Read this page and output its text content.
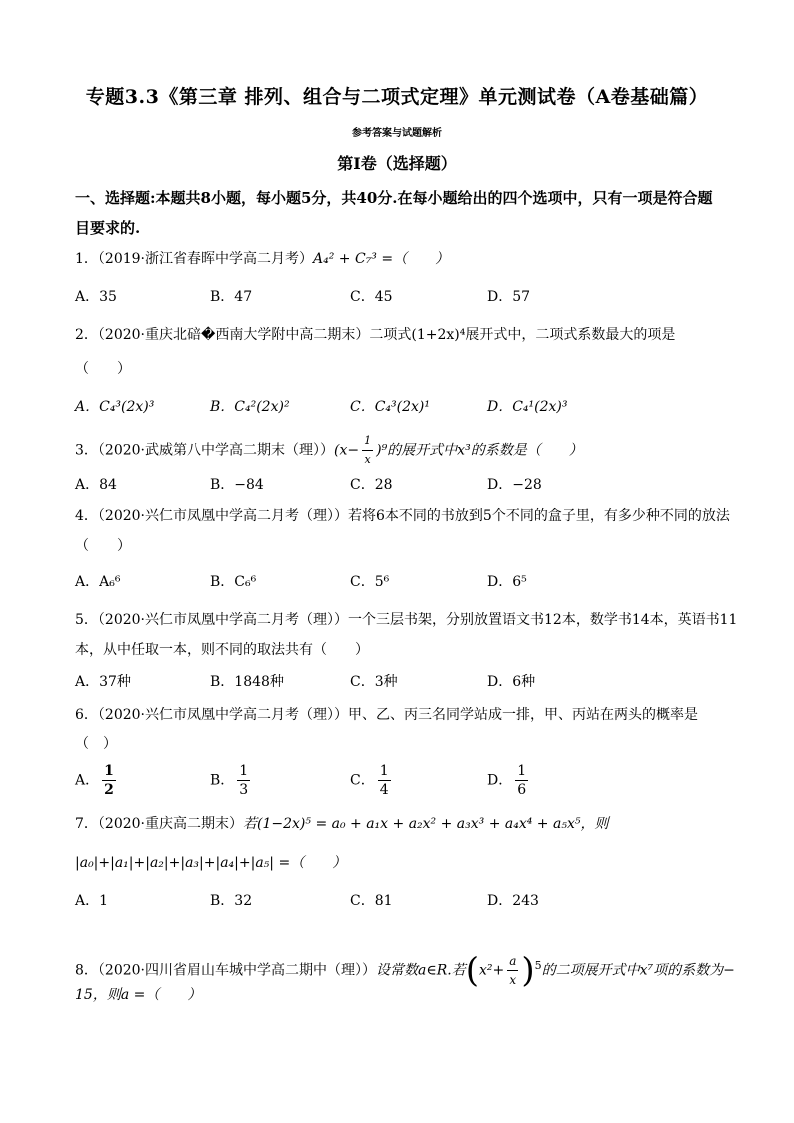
专题3.3《第三章 排列、组合与二项式定理》单元测试卷（A卷基础篇）
参考答案与试题解析
第Ⅰ卷（选择题）
一、选择题:本题共8小题，每小题5分，共40分.在每小题给出的四个选项中，只有一项是符合题目要求的.
1．（2019·浙江省春晖中学高二月考）A₄² + C₇³ =（　　）
A．35	B．47	C．45	D．57
2．（2020·重庆北碚�西南大学附中高二期末）二项式(1+2x)⁴展开式中，二项式系数最大的项是
（　　）
A．C₄³(2x)³	B．C₄²(2x)²	C．C₄³(2x)¹	D．C₄¹(2x)³
3．（2020·武威第八中学高二期末（理））$(x- \frac{1}{x} )^9$的展开式中x³的系数是（　　）
A．84	B．−84	C．28	D．−28
4．（2020·兴仁市凤凰中学高二月考（理））若将6本不同的书放到5个不同的盒子里，有多少种不同的放法
（　　）
A．A₆⁶	B．C₆⁶	C．5⁶	D．6⁵
5．（2020·兴仁市凤凰中学高二月考（理））一个三层书架，分别放置语文书12本，数学书14本，英语书11
本，从中任取一本，则不同的取法共有（　　）
A．37种	B．1848种	C．3种	D．6种
6．（2020·兴仁市凤凰中学高二月考（理））甲、乙、丙三名同学站成一排，甲、丙站在两头的概率是
（　）
A． $\frac{1}{2}$	B． $\frac{1}{3}$	C． $\frac{1}{4}$	D． $\frac{1}{6}$
7．（2020·重庆高二期末）若(1−2x)⁵ = a₀ + a₁x + a₂x² + a₃x³ + a₄x⁴ + a₅x⁵，则
|a₀|+|a₁|+|a₂|+|a₃|+|a₄|+|a₅| =（　　）
A．1	B．32	C．81	D．243
8．（2020·四川省眉山车城中学高二期中（理））设常数a∈R.若$(x^2+ \frac{a}{x} )^5$的二项展开式中x⁷项的系数为−
15，则a =（　　）
